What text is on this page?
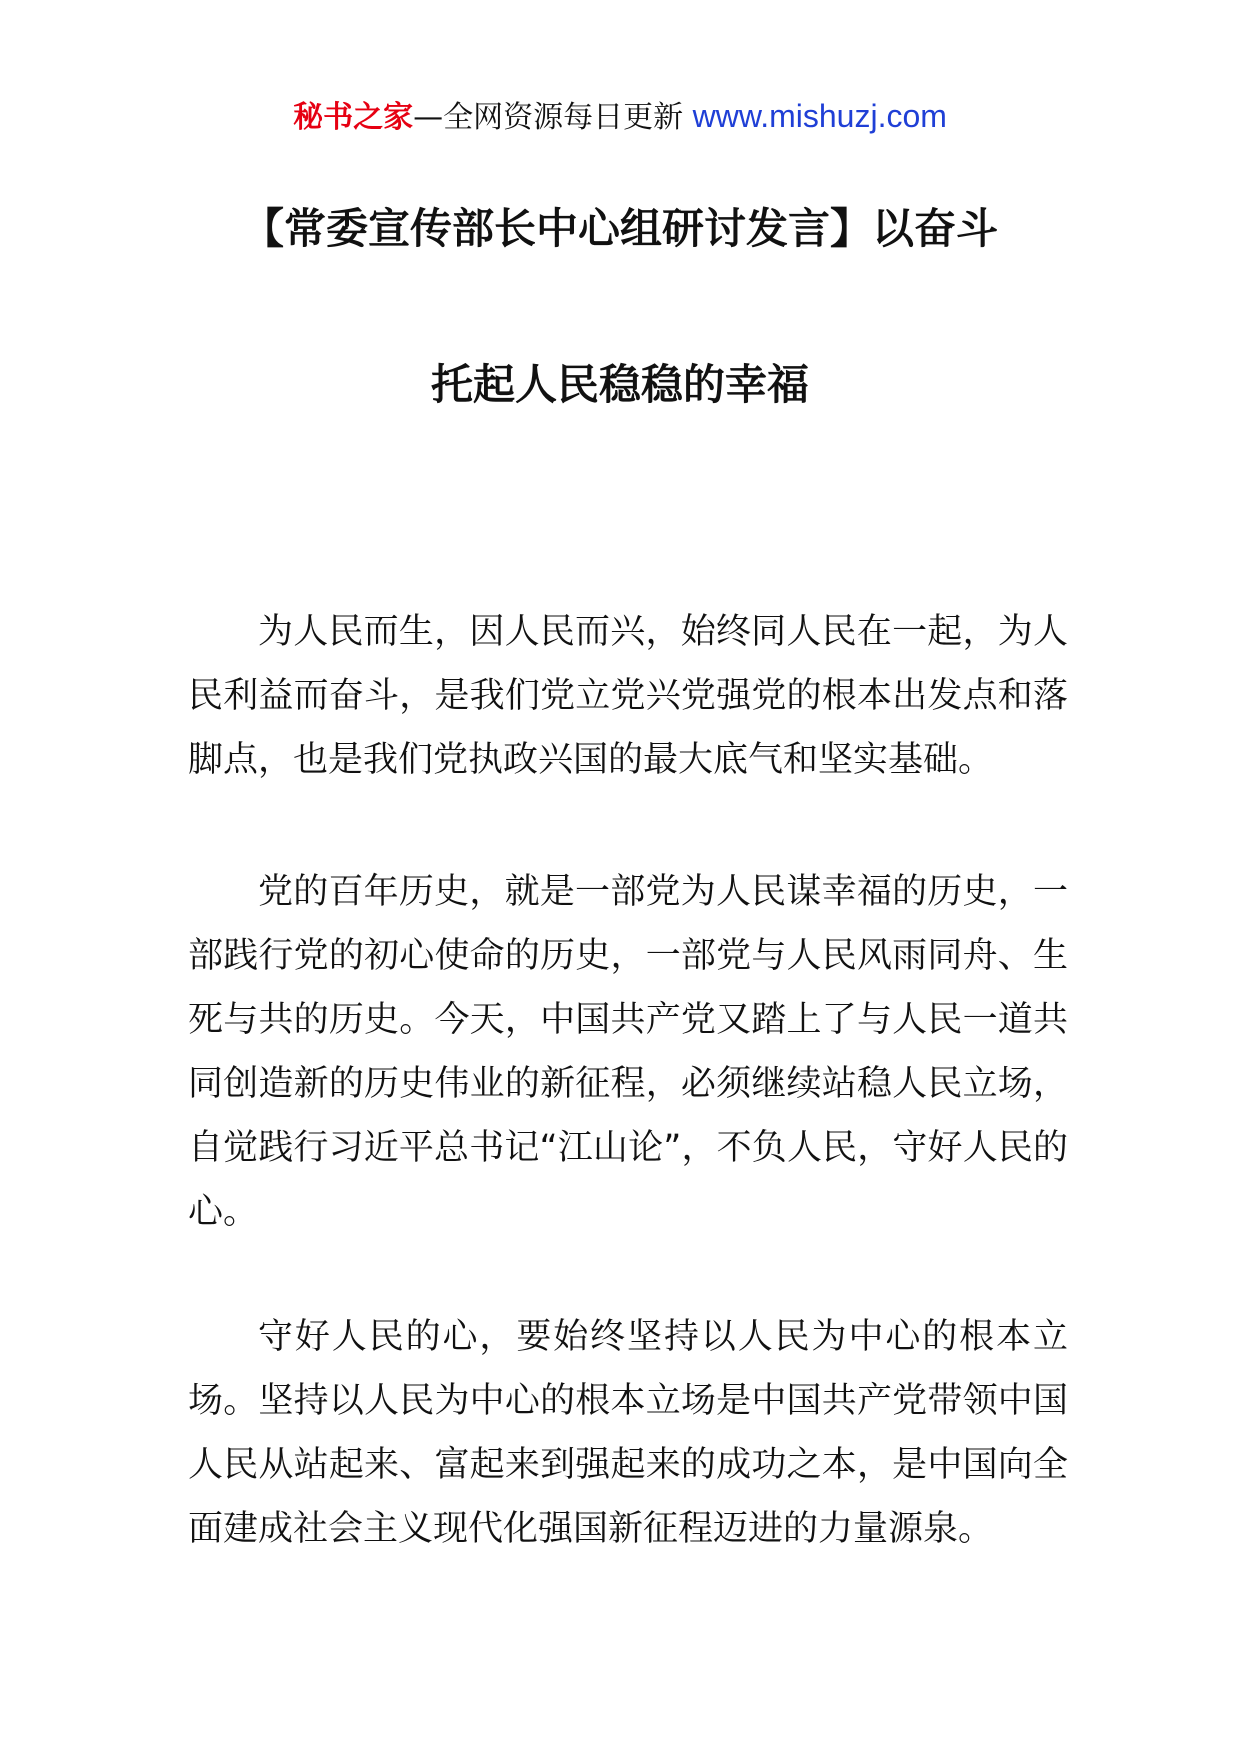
秘书之家—全网资源每日更新 www.mishuzj.com
【常委宣传部长中心组研讨发言】以奋斗
托起人民稳稳的幸福

为人民而生，因人民而兴，始终同人民在一起，为人民利益而奋斗，是我们党立党兴党强党的根本出发点和落脚点，也是我们党执政兴国的最大底气和坚实基础。

党的百年历史，就是一部党为人民谋幸福的历史，一部践行党的初心使命的历史，一部党与人民风雨同舟、生死与共的历史。今天，中国共产党又踏上了与人民一道共同创造新的历史伟业的新征程，必须继续站稳人民立场，自觉践行习近平总书记“江山论”，不负人民，守好人民的心。

守好人民的心，要始终坚持以人民为中心的根本立场。坚持以人民为中心的根本立场是中国共产党带领中国人民从站起来、富起来到强起来的成功之本，是中国向全面建成社会主义现代化强国新征程迈进的力量源泉。
